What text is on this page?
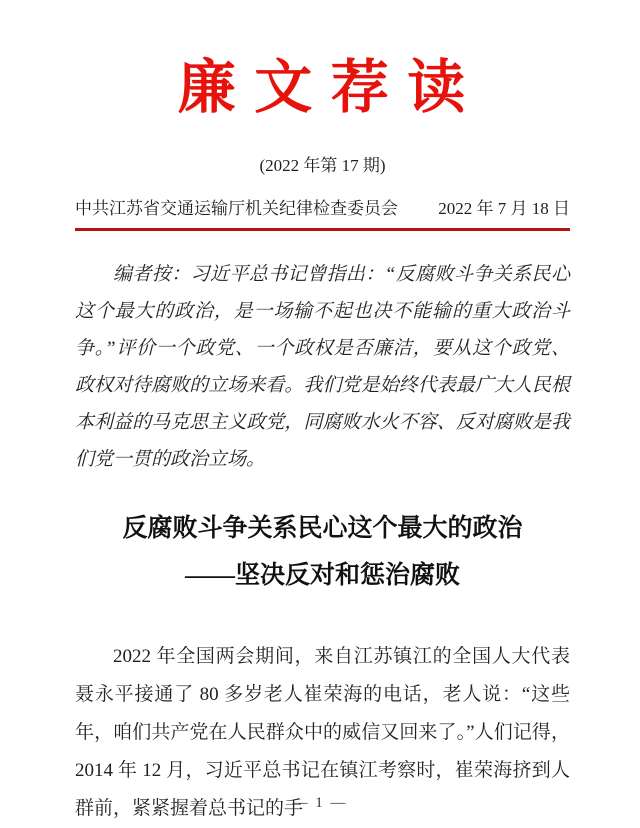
廉 文 荐 读
(2022 年第 17 期)
中共江苏省交通运输厅机关纪律检查委员会 2022 年 7 月 18 日
编者按：习近平总书记曾指出：“反腐败斗争关系民心这个最大的政治，是一场输不起也决不能输的重大政治斗争。”评价一个政党、一个政权是否廉洁，要从这个政党、政权对待腐败的立场来看。我们党是始终代表最广大人民根本利益的马克思主义政党，同腐败水火不容、反对腐败是我们党一贯的政治立场。
反腐败斗争关系民心这个最大的政治
——坚决反对和惩治腐败
2022 年全国两会期间，来自江苏镇江的全国人大代表聂永平接通了 80 多岁老人崔荣海的电话，老人说：“这些年，咱们共产党在人民群众中的威信又回来了。”人们记得，2014 年 12 月，习近平总书记在镇江考察时，崔荣海挤到人群前，紧紧握着总书记的手
— 1 —
